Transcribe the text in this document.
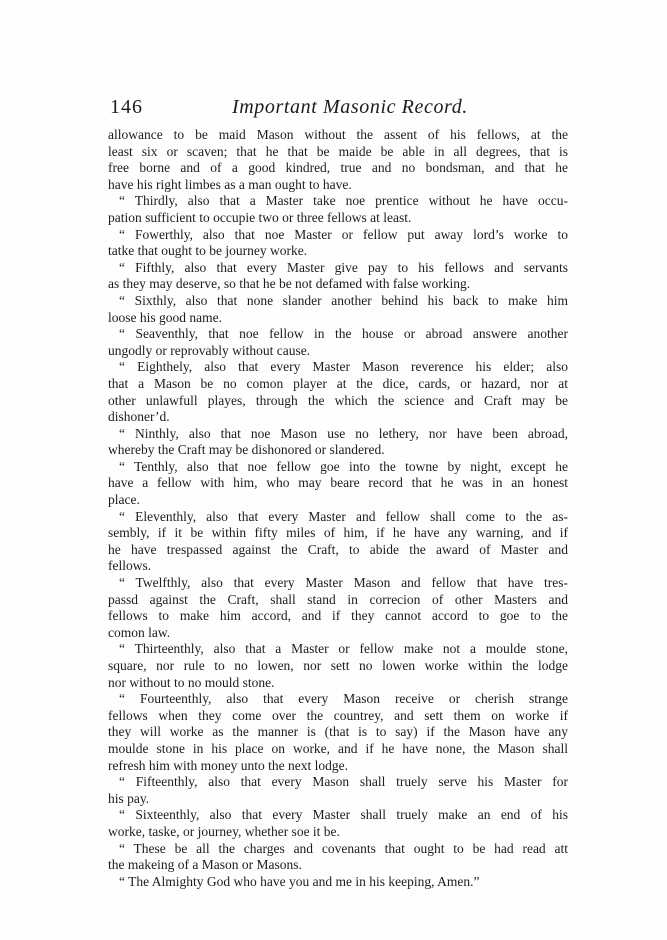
146	Important Masonic Record.
allowance to be maid Mason without the assent of his fellows, at the
least six or scaven; that he that be maide be able in all degrees, that is
free borne and of a good kindred, true and no bondsman, and that he
have his right limbes as a man ought to have.
“ Thirdly, also that a Master take noe prentice without he have occu-
pation sufficient to occupie two or three fellows at least.
“ Fowerthly, also that noe Master or fellow put away lord’s worke to
tatke that ought to be journey worke.
“ Fifthly, also that every Master give pay to his fellows and servants
as they may deserve, so that he be not defamed with false working.
“ Sixthly, also that none slander another behind his back to make him
loose his good name.
“ Seaventhly, that noe fellow in the house or abroad answere another
ungodly or reprovably without cause.
“ Eighthely, also that every Master Mason reverence his elder; also
that a Mason be no comon player at the dice, cards, or hazard, nor at
other unlawfull playes, through the which the science and Craft may be
dishoner’d.
“ Ninthly, also that noe Mason use no lethery, nor have been abroad,
whereby the Craft may be dishonored or slandered.
“ Tenthly, also that noe fellow goe into the towne by night, except he
have a fellow with him, who may beare record that he was in an honest
place.
“ Eleventhly, also that every Master and fellow shall come to the as-
sembly, if it be within fifty miles of him, if he have any warning, and if
he have trespassed against the Craft, to abide the award of Master and
fellows.
“ Twelfthly, also that every Master Mason and fellow that have tres-
passd against the Craft, shall stand in correcion of other Masters and
fellows to make him accord, and if they cannot accord to goe to the
comon law.
“ Thirteenthly, also that a Master or fellow make not a moulde stone,
square, nor rule to no lowen, nor sett no lowen worke within the lodge
nor without to no mould stone.
“ Fourteenthly, also that every Mason receive or cherish strange
fellows when they come over the countrey, and sett them on worke if
they will worke as the manner is (that is to say) if the Mason have any
moulde stone in his place on worke, and if he have none, the Mason shall
refresh him with money unto the next lodge.
“ Fifteenthly, also that every Mason shall truely serve his Master for
his pay.
“ Sixteenthly, also that every Master shall truely make an end of his
worke, taske, or journey, whether soe it be.
“ These be all the charges and covenants that ought to be had read att
the makeing of a Mason or Masons.
“ The Almighty God who have you and me in his keeping, Amen.”
